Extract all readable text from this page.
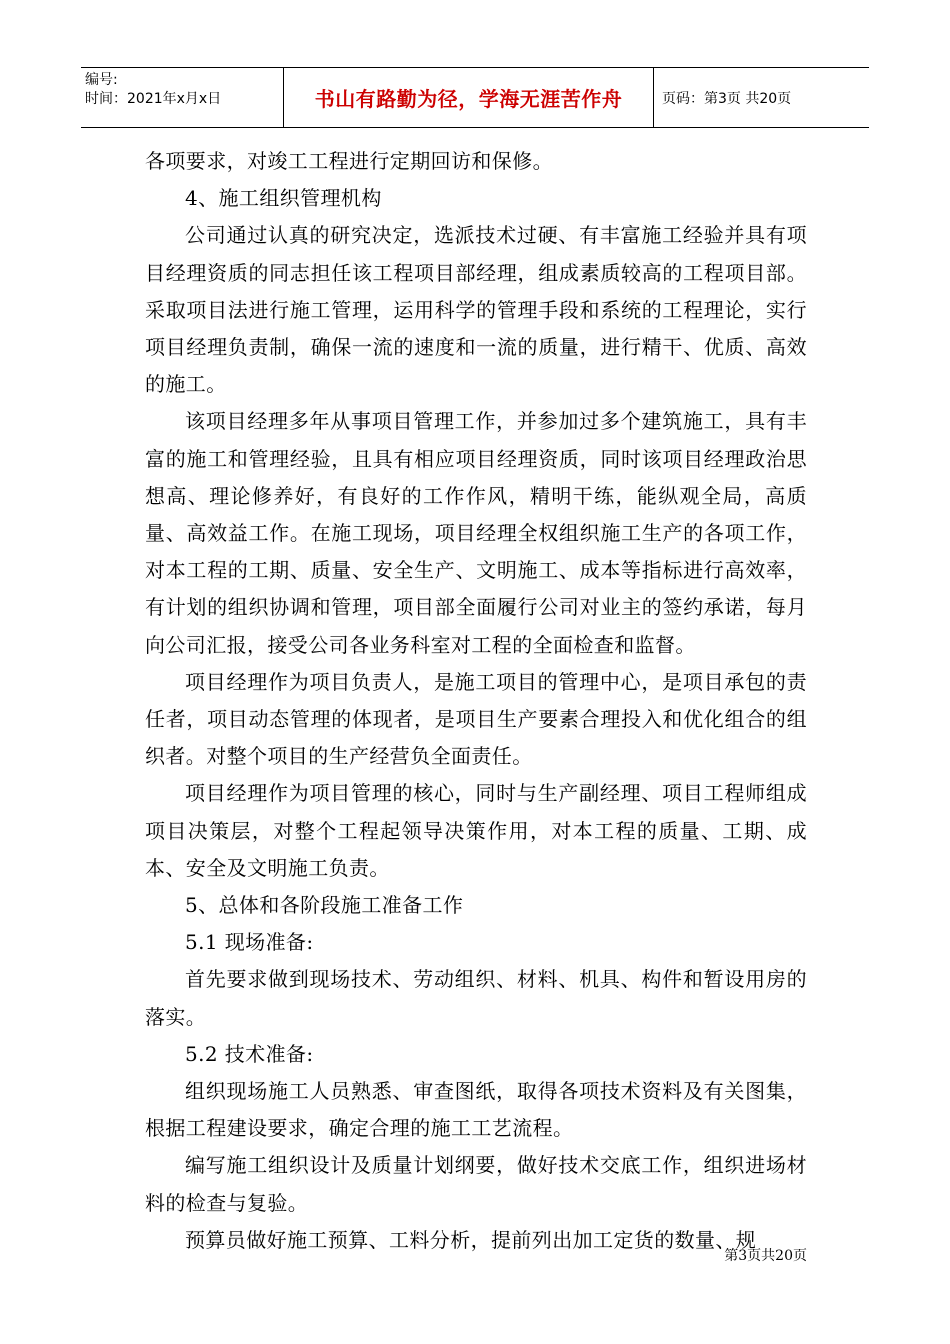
编号:
时间：2021年x月x日	书山有路勤为径，学海无涯苦作舟	页码：第3页 共20页

各项要求，对竣工工程进行定期回访和保修。

4、施工组织管理机构

公司通过认真的研究决定，选派技术过硬、有丰富施工经验并具有项目经理资质的同志担任该工程项目部经理，组成素质较高的工程项目部。采取项目法进行施工管理，运用科学的管理手段和系统的工程理论，实行项目经理负责制，确保一流的速度和一流的质量，进行精干、优质、高效的施工。

该项目经理多年从事项目管理工作，并参加过多个建筑施工，具有丰富的施工和管理经验，且具有相应项目经理资质，同时该项目经理政治思想高、理论修养好，有良好的工作作风，精明干练，能纵观全局，高质量、高效益工作。在施工现场，项目经理全权组织施工生产的各项工作，对本工程的工期、质量、安全生产、文明施工、成本等指标进行高效率，有计划的组织协调和管理，项目部全面履行公司对业主的签约承诺，每月向公司汇报，接受公司各业务科室对工程的全面检查和监督。

项目经理作为项目负责人，是施工项目的管理中心，是项目承包的责任者，项目动态管理的体现者，是项目生产要素合理投入和优化组合的组织者。对整个项目的生产经营负全面责任。

项目经理作为项目管理的核心，同时与生产副经理、项目工程师组成项目决策层，对整个工程起领导决策作用，对本工程的质量、工期、成本、安全及文明施工负责。

5、总体和各阶段施工准备工作

5.1 现场准备:

首先要求做到现场技术、劳动组织、材料、机具、构件和暂设用房的落实。

5.2 技术准备:

组织现场施工人员熟悉、审查图纸，取得各项技术资料及有关图集，根据工程建设要求，确定合理的施工工艺流程。

编写施工组织设计及质量计划纲要，做好技术交底工作，组织进场材料的检查与复验。

预算员做好施工预算、工料分析，提前列出加工定货的数量、规

第3页共20页
